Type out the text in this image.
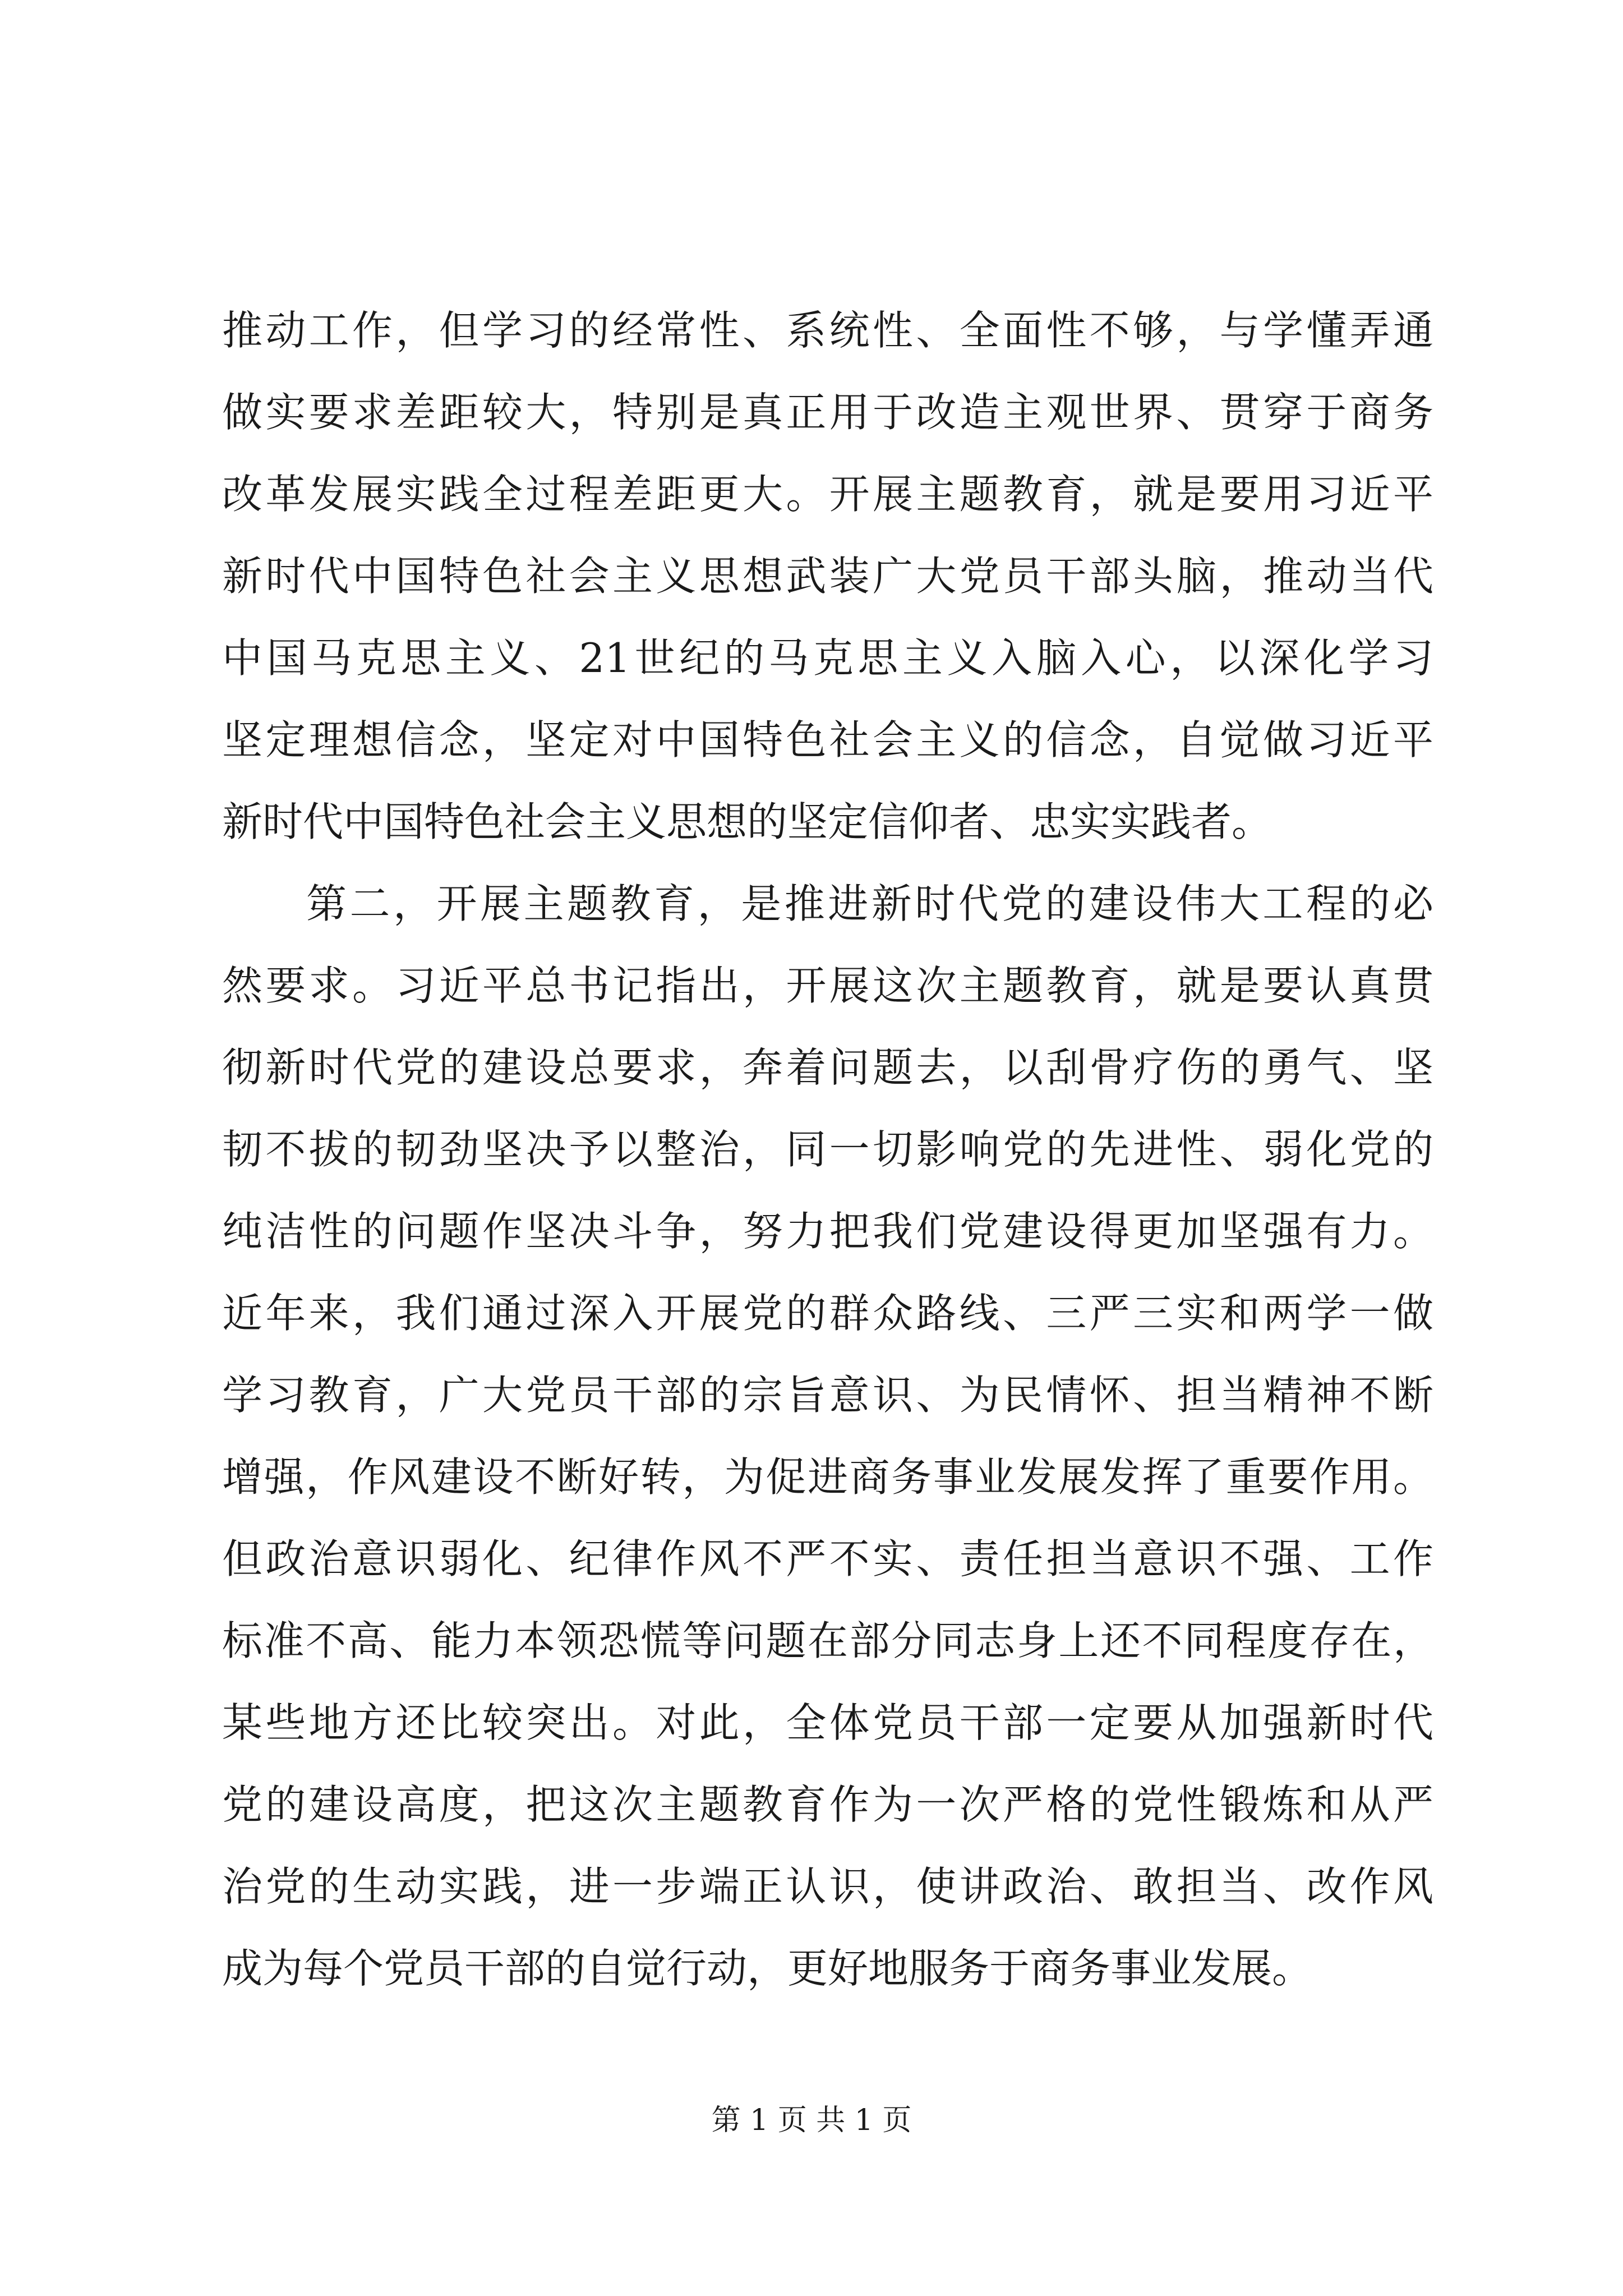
推动工作，但学习的经常性、系统性、全面性不够，与学懂弄通
做实要求差距较大，特别是真正用于改造主观世界、贯穿于商务
改革发展实践全过程差距更大。开展主题教育，就是要用习近平
新时代中国特色社会主义思想武装广大党员干部头脑，推动当代
中国马克思主义、21世纪的马克思主义入脑入心，以深化学习
坚定理想信念，坚定对中国特色社会主义的信念，自觉做习近平
新时代中国特色社会主义思想的坚定信仰者、忠实实践者。
第二，开展主题教育，是推进新时代党的建设伟大工程的必
然要求。习近平总书记指出，开展这次主题教育，就是要认真贯
彻新时代党的建设总要求，奔着问题去，以刮骨疗伤的勇气、坚
韧不拔的韧劲坚决予以整治，同一切影响党的先进性、弱化党的
纯洁性的问题作坚决斗争，努力把我们党建设得更加坚强有力。
近年来，我们通过深入开展党的群众路线、三严三实和两学一做
学习教育，广大党员干部的宗旨意识、为民情怀、担当精神不断
增强，作风建设不断好转，为促进商务事业发展发挥了重要作用。
但政治意识弱化、纪律作风不严不实、责任担当意识不强、工作
标准不高、能力本领恐慌等问题在部分同志身上还不同程度存在，
某些地方还比较突出。对此，全体党员干部一定要从加强新时代
党的建设高度，把这次主题教育作为一次严格的党性锻炼和从严
治党的生动实践，进一步端正认识，使讲政治、敢担当、改作风
成为每个党员干部的自觉行动，更好地服务于商务事业发展。
第 1 页 共 1 页
